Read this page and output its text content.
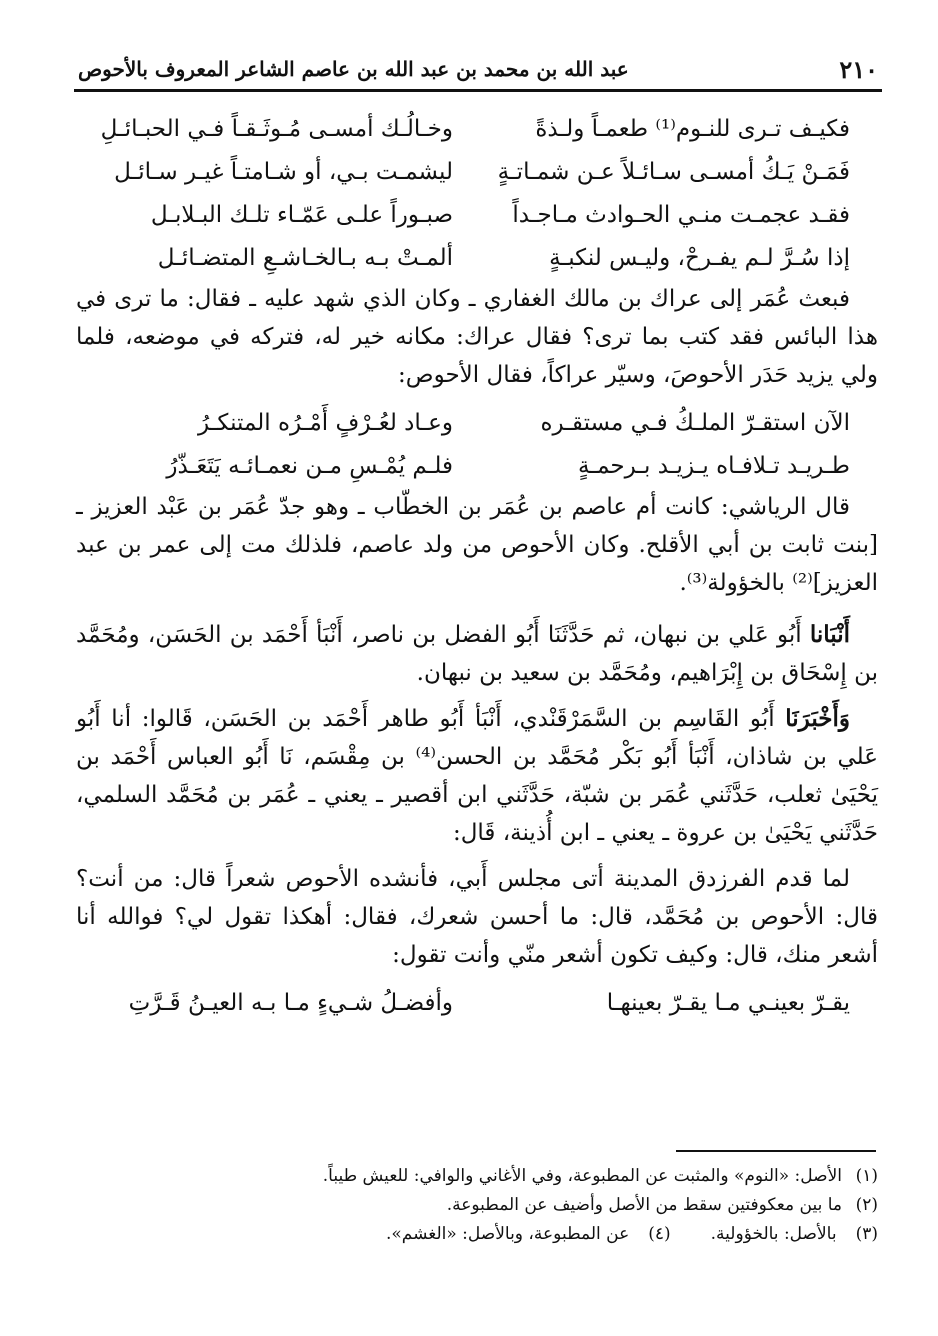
٢١٠
عبد الله بن محمد بن عبد الله بن عاصم الشاعر المعروف بالأحوص
فكيـف تـرى للنـوم⁽¹⁾ طعمـاً ولـذةً
وخـالُـك أمسـى مُـوثَـقـاً فـي الحبـائـلِ
فَمَـنْ يَـكُ أمسـى سـائـلاً عـن شمـاتـةٍ
ليشمـت بـي، أو شـامتـاً غيـر سـائـل
فقـد عجمـت منـي الحـوادث مـاجـداً
صبـوراً علـى عَمّـاء تلـك البـلابـل
إذا سُـرَّ لـم يفـرحْ، وليـس لنكبـةٍ
ألمـتْ بـه بـالخـاشـعِ المتضـائـل

فبعث عُمَر إلى عراك بن مالك الغفاري ـ وكان الذي شهد عليه ـ فقال: ما ترى في هذا البائس فقد كتب بما ترى؟ فقال عراك: مكانه خير له، فتركه في موضعه، فلما ولي يزيد حَدَر الأحوصَ، وسيّر عراكاً، فقال الأحوص:

الآن استقـرّ الملـكُ فـي مستقـره
وعـاد لعُـرْفٍ أَمْـرُه المتنكـرُ
طـريـد تـلافـاه يـزيـد بـرحمـةٍ
فلـم يُمْـسِ مـن نعمـائـه يَتَعَـذّرُ

قال الرياشي: كانت أم عاصم بن عُمَر بن الخطّاب ـ وهو جدّ عُمَر بن عَبْد العزيز ـ [بنت ثابت بن أبي الأقلح. وكان الأحوص من ولد عاصم، فلذلك مت إلى عمر بن عبد العزيز]⁽²⁾ بالخؤولة⁽³⁾.

أَنْبَانا أَبُو عَلي بن نبهان، ثم حَدَّثَنَا أَبُو الفضل بن ناصر، أَنْبَأ أَحْمَد بن الحَسَن، ومُحَمَّد بن إِسْحَاق بن إِبْرَاهيم، ومُحَمَّد بن سعيد بن نبهان.

وَأَخْبَرَنَا أَبُو القَاسِم بن السَّمَرْقَنْدي، أَنْبَأ أَبُو طاهر أَحْمَد بن الحَسَن، قَالوا: أنا أَبُو عَلي بن شاذان، أَنْبَأ أَبُو بَكْر مُحَمَّد بن الحسن⁽⁴⁾ بن مِقْسَم، نَا أَبُو العباس أَحْمَد بن يَحْيَىٰ ثعلب، حَدَّثَني عُمَر بن شبّة، حَدَّثَني ابن أقصير ـ يعني ـ عُمَر بن مُحَمَّد السلمي، حَدَّثَني يَحْيَىٰ بن عروة ـ يعني ـ ابن أُذينة، قَال:

لما قدم الفرزدق المدينة أتى مجلس أَبي، فأنشده الأحوص شعراً قال: من أنت؟ قال: الأحوص بن مُحَمَّد، قال: ما أحسن شعرك، فقال: أهكذا تقول لي؟ فوالله أنا أشعر منك، قال: وكيف تكون أشعر منّي وأنت تقول:

يقـرّ بعينـي مـا يقـرّ بعينهـا
وأفضـلُ شـيءٍ مـا بـه العيـنُ قَـرَّتِ
(١)
الأصل: «النوم» والمثبت عن المطبوعة، وفي الأغاني والوافي: للعيش طيباً.
(٢)
ما بين معكوفتين سقط من الأصل وأضيف عن المطبوعة.
(٣) بالأصل: بالخؤولية.
(٤) عن المطبوعة، وبالأصل: «الغشم».
